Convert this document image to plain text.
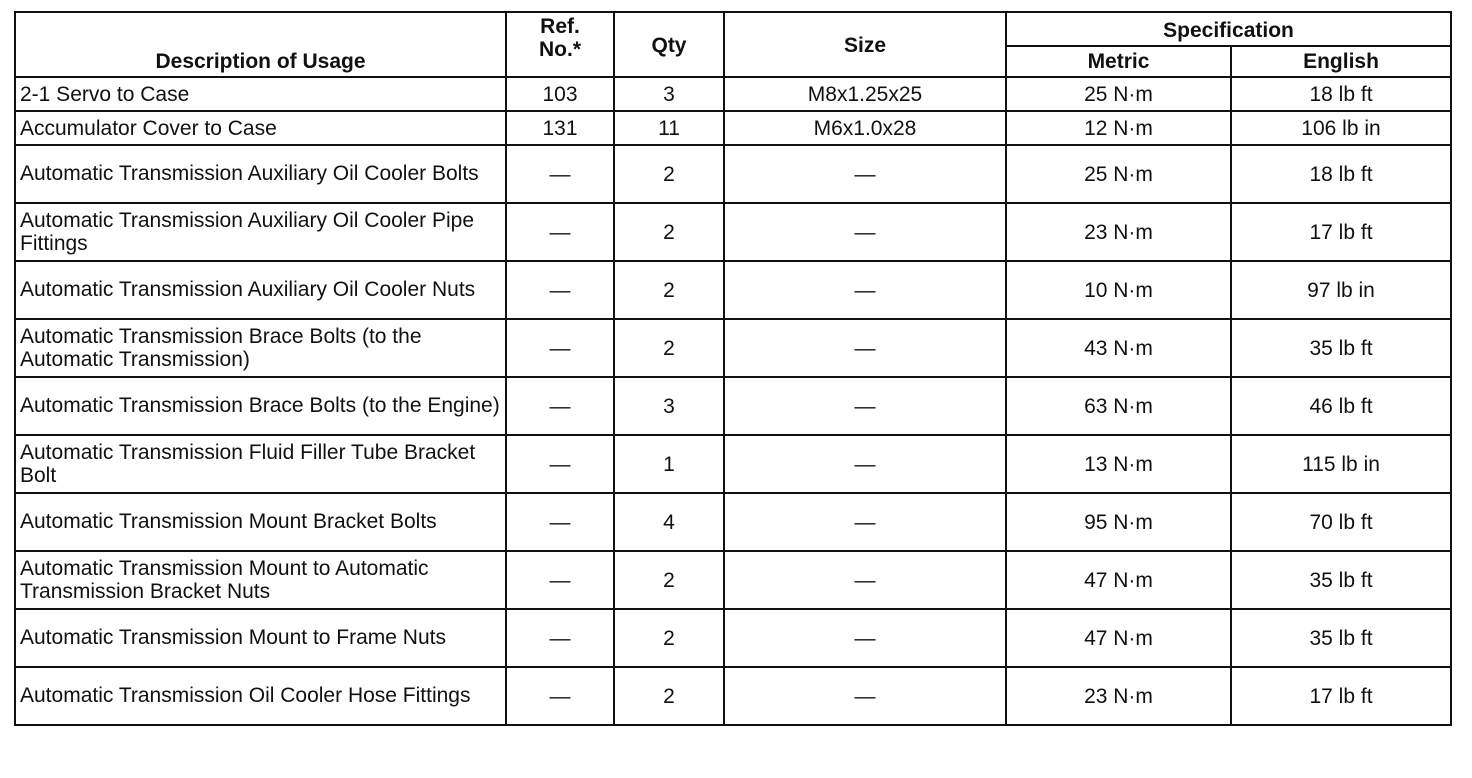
Description of Usage	Ref. No.*	Qty	Size	Specification	
				Metric	English
2-1 Servo to Case	103	3	M8x1.25x25	25 N·m	18 lb ft
Accumulator Cover to Case	131	11	M6x1.0x28	12 N·m	106 lb in
Automatic Transmission Auxiliary Oil Cooler Bolts	—	2	—	25 N·m	18 lb ft
Automatic Transmission Auxiliary Oil Cooler Pipe Fittings	—	2	—	23 N·m	17 lb ft
Automatic Transmission Auxiliary Oil Cooler Nuts	—	2	—	10 N·m	97 lb in
Automatic Transmission Brace Bolts (to the Automatic Transmission)	—	2	—	43 N·m	35 lb ft
Automatic Transmission Brace Bolts (to the Engine)	—	3	—	63 N·m	46 lb ft
Automatic Transmission Fluid Filler Tube Bracket Bolt	—	1	—	13 N·m	115 lb in
Automatic Transmission Mount Bracket Bolts	—	4	—	95 N·m	70 lb ft
Automatic Transmission Mount to Automatic Transmission Bracket Nuts	—	2	—	47 N·m	35 lb ft
Automatic Transmission Mount to Frame Nuts	—	2	—	47 N·m	35 lb ft
Automatic Transmission Oil Cooler Hose Fittings	—	2	—	23 N·m	17 lb ft
